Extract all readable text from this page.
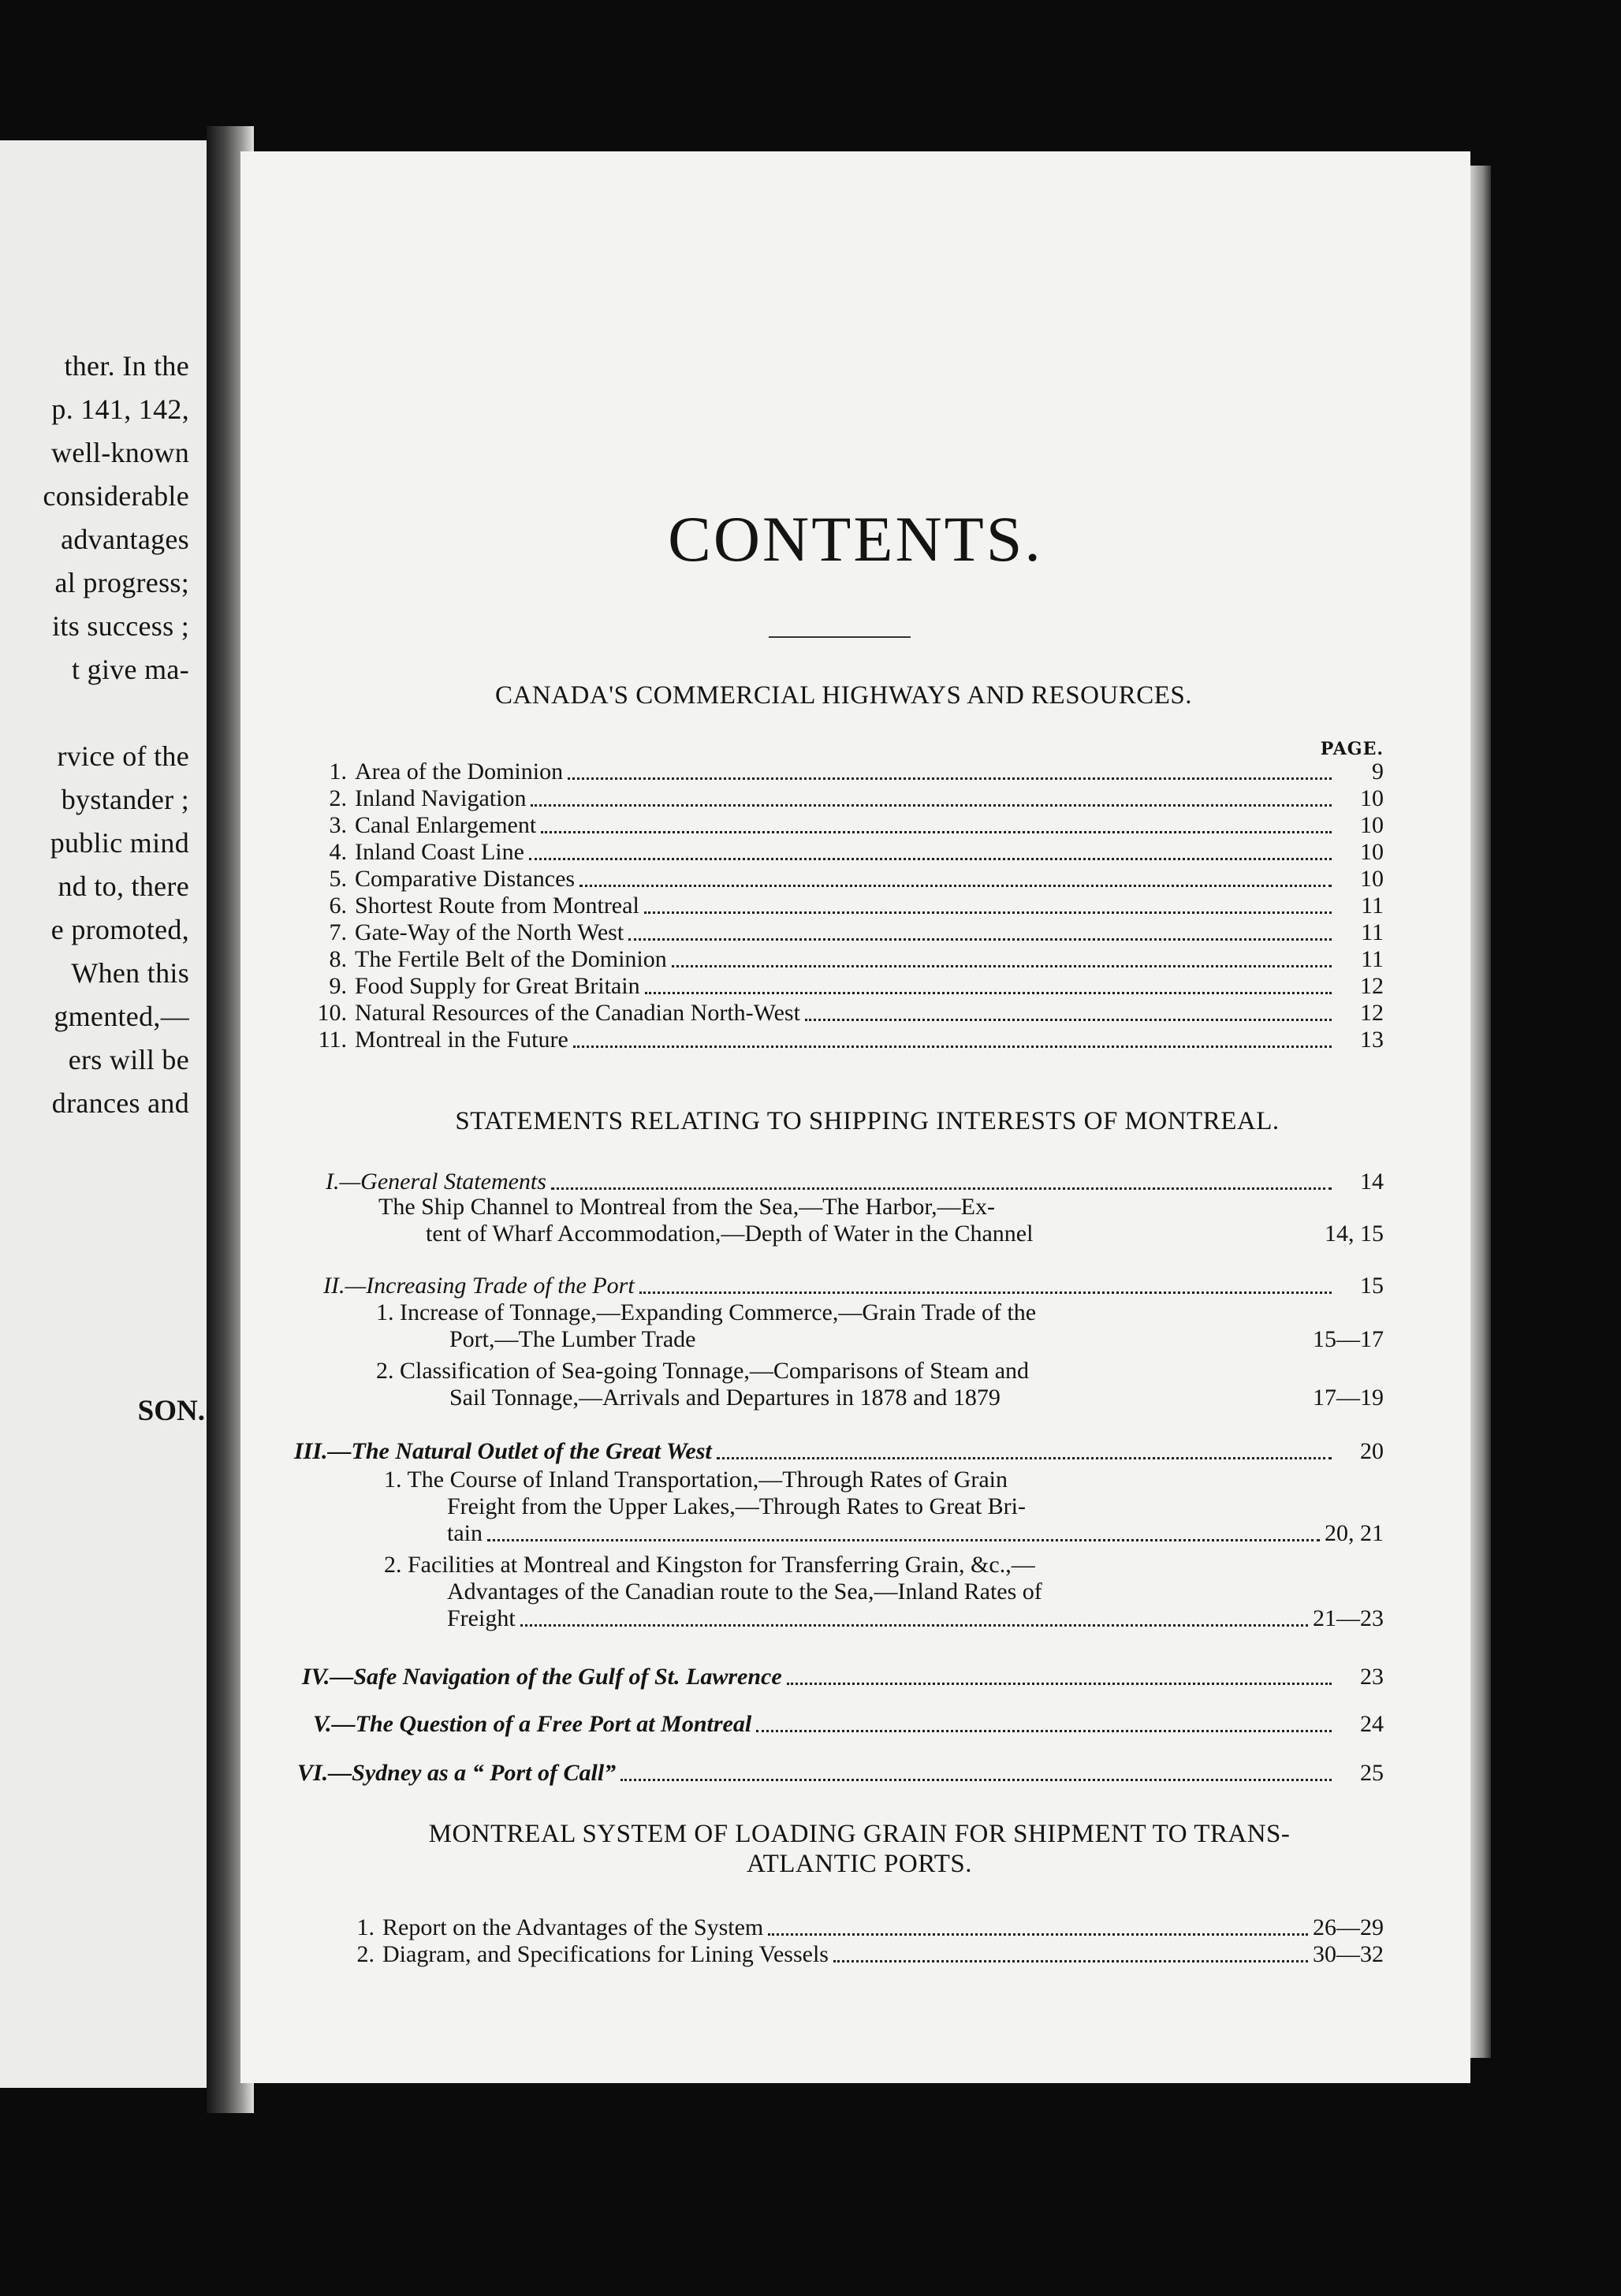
ther. In the
p. 141, 142,
well-known
considerable
advantages
al progress;
its success ;
t give ma-
rvice of the
bystander ;
public mind
nd to, there
e promoted,
When this
gmented,—
ers will be
drances and
SON.
CONTENTS.
CANADA'S COMMERCIAL HIGHWAYS AND RESOURCES.
PAGE.
1. Area of the Dominion	9
2. Inland Navigation	10
3. Canal Enlargement	10
4. Inland Coast Line	10
5. Comparative Distances	10
6. Shortest Route from Montreal	11
7. Gate-Way of the North West	11
8. The Fertile Belt of the Dominion	11
9. Food Supply for Great Britain	12
10. Natural Resources of the Canadian North-West	12
11. Montreal in the Future	13
STATEMENTS RELATING TO SHIPPING INTERESTS OF MONTREAL.
I.—General Statements	14
The Ship Channel to Montreal from the Sea,—The Harbor,—Ex-
tent of Wharf Accommodation,—Depth of Water in the Channel	14, 15
II.—Increasing Trade of the Port	15
1. Increase of Tonnage,—Expanding Commerce,—Grain Trade of the
Port,—The Lumber Trade	15—17
2. Classification of Sea-going Tonnage,—Comparisons of Steam and
Sail Tonnage,—Arrivals and Departures in 1878 and 1879	17—19
III.—The Natural Outlet of the Great West	20
1. The Course of Inland Transportation,—Through Rates of Grain
Freight from the Upper Lakes,—Through Rates to Great Bri-
tain	20, 21
2. Facilities at Montreal and Kingston for Transferring Grain, &c.,—
Advantages of the Canadian route to the Sea,—Inland Rates of
Freight	21—23
IV.—Safe Navigation of the Gulf of St. Lawrence	23
V.—The Question of a Free Port at Montreal	24
VI.—Sydney as a “ Port of Call”	25
MONTREAL SYSTEM OF LOADING GRAIN FOR SHIPMENT TO TRANS-
ATLANTIC PORTS.
1. Report on the Advantages of the System	26—29
2. Diagram, and Specifications for Lining Vessels	30—32
